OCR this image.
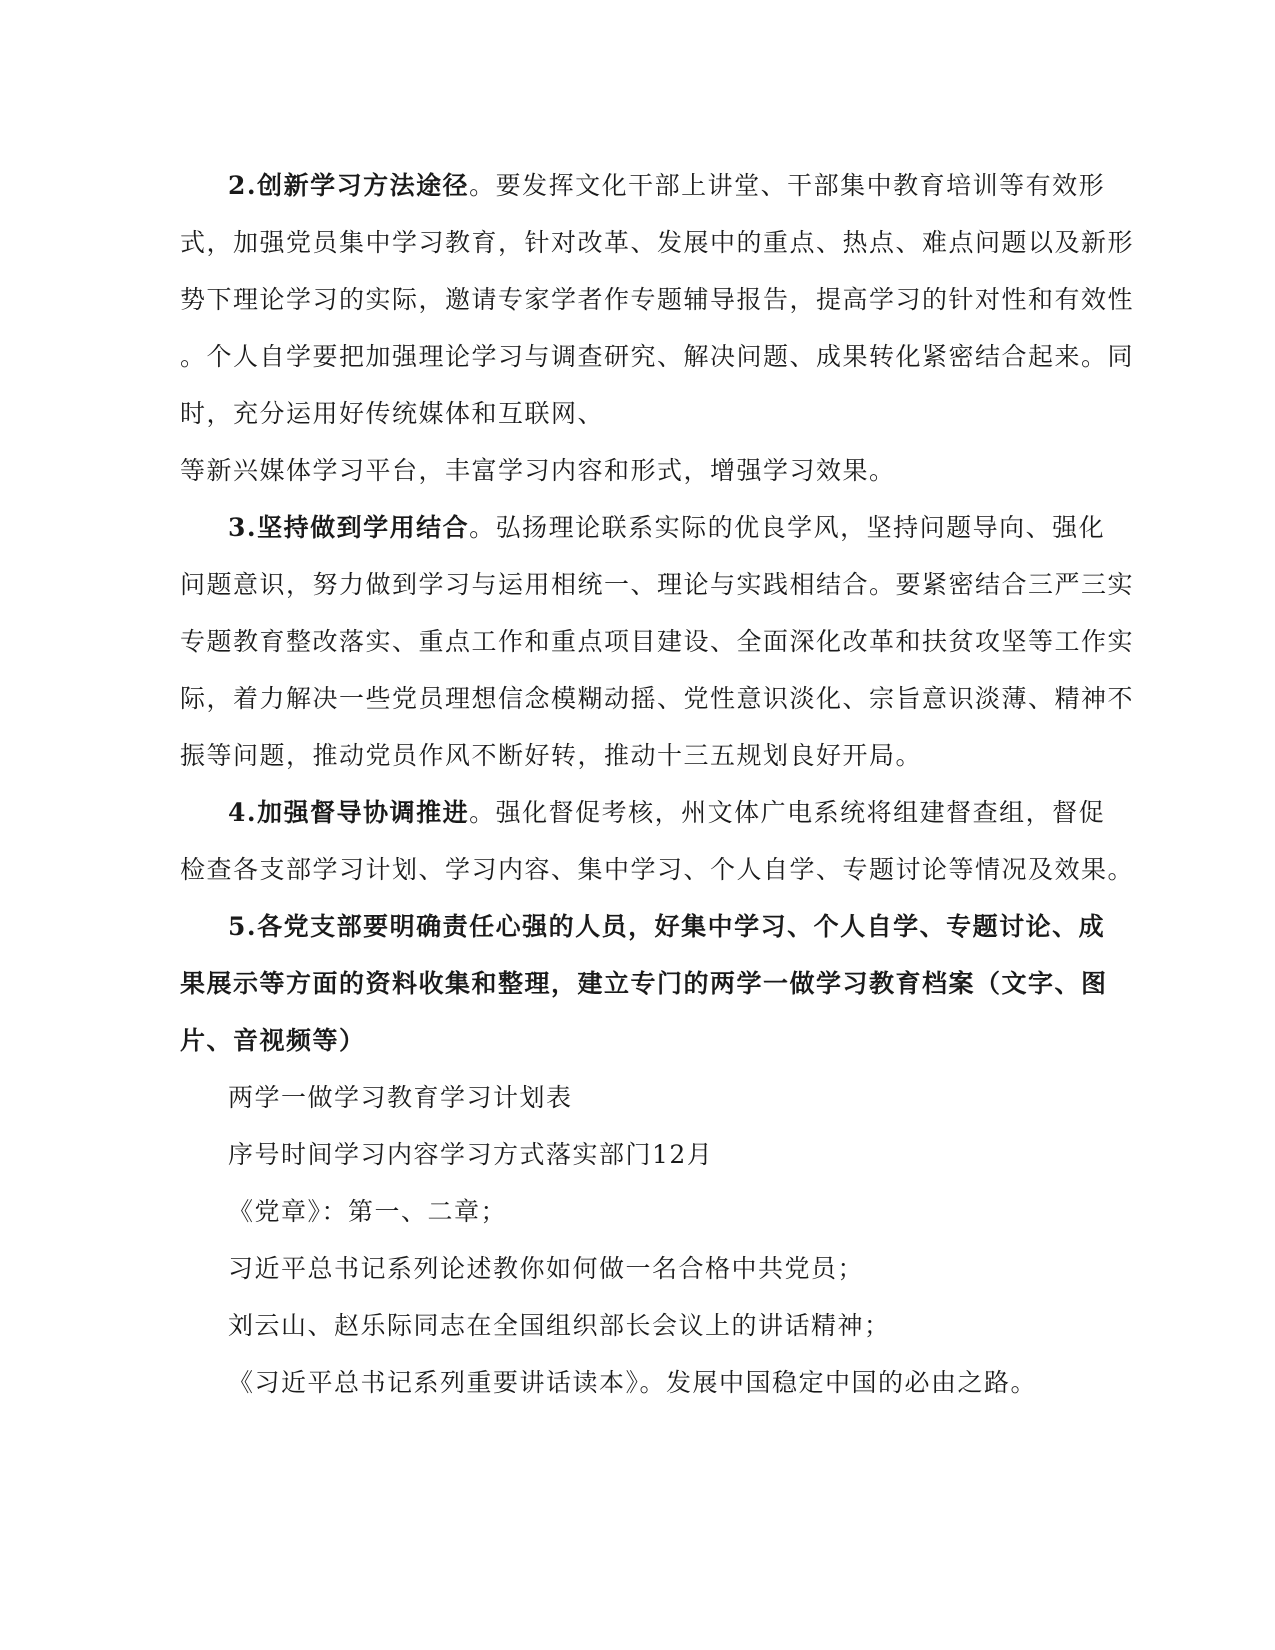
2.创新学习方法途径。要发挥文化干部上讲堂、干部集中教育培训等有效形
式，加强党员集中学习教育，针对改革、发展中的重点、热点、难点问题以及新形
势下理论学习的实际，邀请专家学者作专题辅导报告，提高学习的针对性和有效性
。个人自学要把加强理论学习与调查研究、解决问题、成果转化紧密结合起来。同
时，充分运用好传统媒体和互联网、
等新兴媒体学习平台，丰富学习内容和形式，增强学习效果。
3.坚持做到学用结合。弘扬理论联系实际的优良学风，坚持问题导向、强化
问题意识，努力做到学习与运用相统一、理论与实践相结合。要紧密结合三严三实
专题教育整改落实、重点工作和重点项目建设、全面深化改革和扶贫攻坚等工作实
际，着力解决一些党员理想信念模糊动摇、党性意识淡化、宗旨意识淡薄、精神不
振等问题，推动党员作风不断好转，推动十三五规划良好开局。
4.加强督导协调推进。强化督促考核，州文体广电系统将组建督查组，督促
检查各支部学习计划、学习内容、集中学习、个人自学、专题讨论等情况及效果。
5.各党支部要明确责任心强的人员，好集中学习、个人自学、专题讨论、成
果展示等方面的资料收集和整理，建立专门的两学一做学习教育档案（文字、图
片、音视频等）
两学一做学习教育学习计划表
序号时间学习内容学习方式落实部门12月
《党章》：第一、二章；
习近平总书记系列论述教你如何做一名合格中共党员；
刘云山、赵乐际同志在全国组织部长会议上的讲话精神；
《习近平总书记系列重要讲话读本》。发展中国稳定中国的必由之路。
